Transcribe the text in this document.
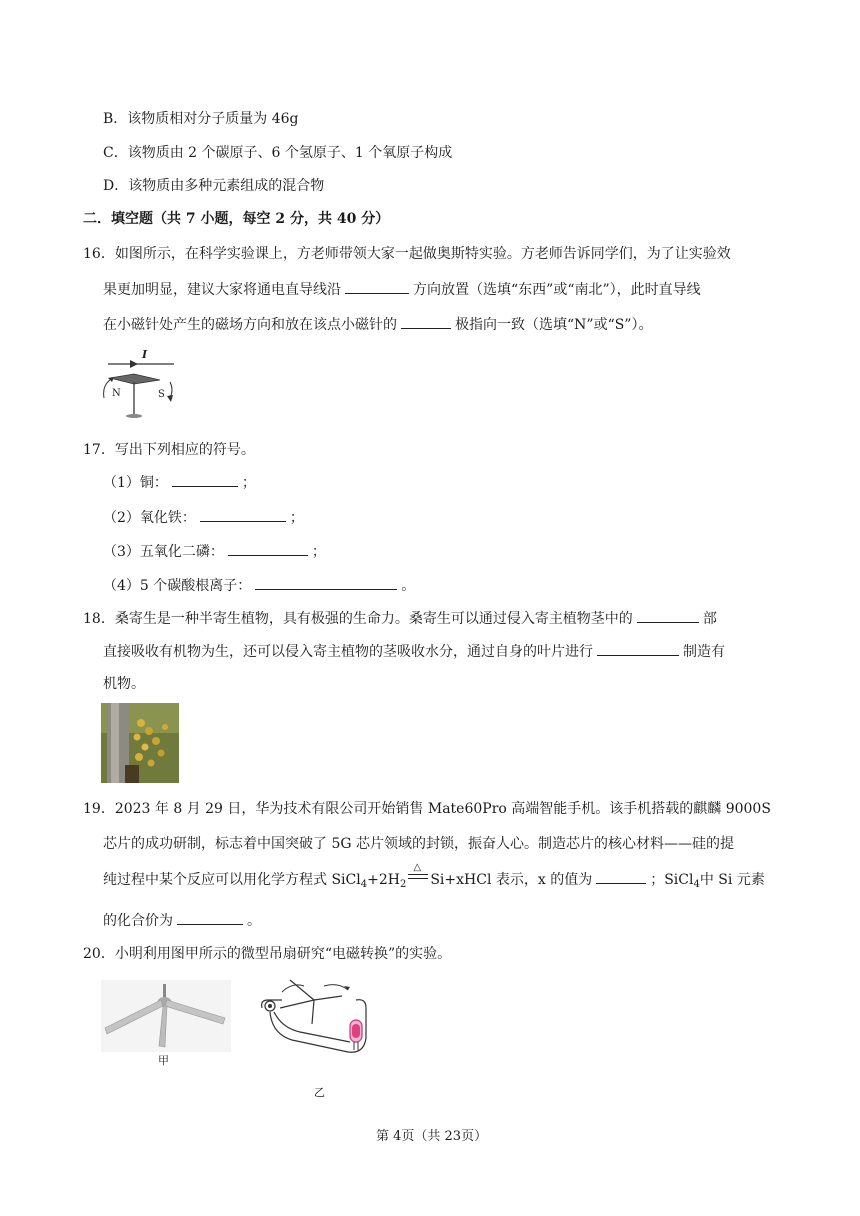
B．该物质相对分子质量为 46g
C．该物质由 2 个碳原子、6 个氢原子、1 个氧原子构成
D．该物质由多种元素组成的混合物
二．填空题（共 7 小题，每空 2 分，共 40 分）
16．如图所示，在科学实验课上，方老师带领大家一起做奥斯特实验。方老师告诉同学们，为了让实验效
果更加明显，建议大家将通电直导线沿	方向放置（选填“东西”或“南北”），此时直导线
在小磁针处产生的磁场方向和放在该点小磁针的	极指向一致（选填“N”或“S”）。
I
N	S
17．写出下列相应的符号。
（1）铜：	；
（2）氧化铁：	；
（3）五氧化二磷：	；
（4）5 个碳酸根离子：	。
18．桑寄生是一种半寄生植物，具有极强的生命力。桑寄生可以通过侵入寄主植物茎中的	部
直接吸收有机物为生，还可以侵入寄主植物的茎吸收水分，通过自身的叶片进行	制造有
机物。
19．2023 年 8 月 29 日，华为技术有限公司开始销售 Mate60Pro 高端智能手机。该手机搭载的麒麟 9000S
芯片的成功研制，标志着中国突破了 5G 芯片领域的封锁，振奋人心。制造芯片的核心材料——硅的提
纯过程中某个反应可以用化学方程式 $SiCl_4+2H_2$
△
Si+xHCl 表示，x 的值为	；SiCl$_4$中 Si 元素
的化合价为	。
20．小明利用图甲所示的微型吊扇研究“电磁转换”的实验。
甲
乙
第 4页（共 23页）
